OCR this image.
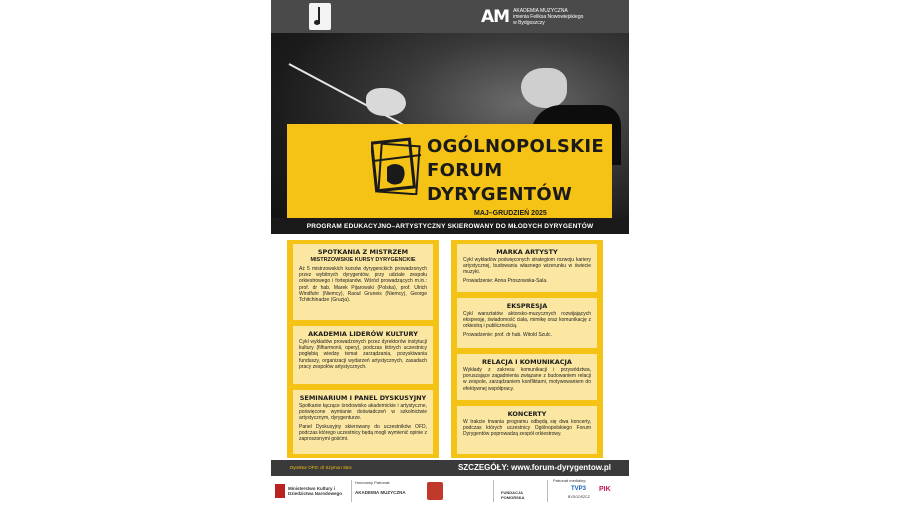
AM AKADEMIA MUZYCZNA
imienia Feliksa Nowowiejskiego
w Bydgoszczy
OGÓLNOPOLSKIE
FORUM
DYRYGENTÓW
MAJ–GRUDZIEŃ 2025
PROGRAM EDUKACYJNO–ARTYSTYCZNY SKIEROWANY DO MŁODYCH DYRYGENTÓW
SPOTKANIA Z MISTRZEM
MISTRZOWSKIE KURSY DYRYGENCKIE

Aż 5 mistrzowskich kursów dyrygenckich prowadzonych przez wybitnych dyrygentów, przy udziale zespołu orkiestrowego i fortepianów. Wśród prowadzących m.in.: prof. dr hab. Marek Pijarowski (Polska), prof. Ulrich Windfuhr (Niemcy), Raoul Gruneis (Niemcy), George Tchitchinadze (Gruzja).

AKADEMIA LIDERÓW KULTURY

Cykl wykładów prowadzonych przez dyrektorów instytucji kultury (filharmonii, opery), podczas których uczestnicy pogłębią wiedzę temat zarządzania, pozyskiwania funduszy, organizacji wydarzeń artystycznych, zasadach pracy zespołów artystycznych.

SEMINARIUM I PANEL DYSKUSYJNY

Spotkanie łączące środowisko akademickie i artystyczne, poświęcone wymianie doświadczeń w szkolnictwie artystycznym, dyrygenturze.

Panel Dyskusyjny skierowany do uczestników OFD, podczas którego uczestnicy będą mogli wymienić opinie z zaproszonymi gośćmi.

MARKA ARTYSTY

Cykl wykładów poświęconych strategiom rozwoju kariery artystycznej, budowaniu własnego wizerunku w świecie muzyki.

Prowadzenie: Anna Proszowska-Sala.

EKSPRESJA

Cykl warsztatów aktorsko-muzycznych rozwijających ekspresję, świadomość ciała, mimikę oraz komunikację z orkiestrą i publicznością.

Prowadzenie: prof. dr hab. Witold Szulc.

RELACJA I KOMUNIKACJA

Wykłady z zakresu komunikacji i przywództwa, poruszające zagadnienia związane z budowaniem relacji w zespole, zarządzaniem konfliktami, motywowaniem do efektywnej współpracy.

KONCERTY

W trakcie trwania programu odbędą się dwa koncerty, podczas których uczestnicy Ogólnopolskiego Forum Dyrygentów poprowadzą zespół orkiestrowy.

Dyrektor OFD: dr Szymon Stec	SZCZEGÓŁY: www.forum-dyrygentow.pl
Ministerstwo Kultury i Dziedzictwa Narodowego
Honorowy Patronat:
AKADEMIA MUZYCZNA	FUNDACJA POMORSKA
Patronat medialny:
TVP3
BYDGOSZCZ
PIK
